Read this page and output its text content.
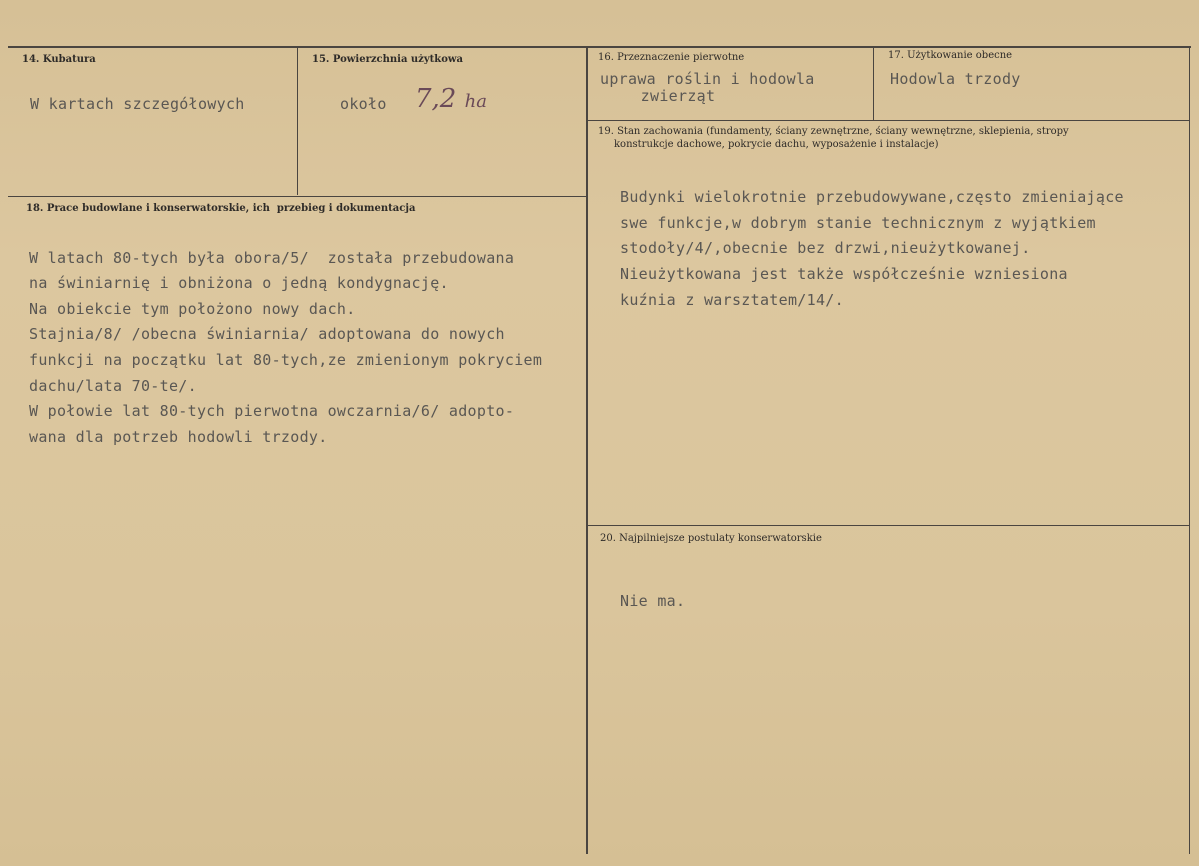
14. Kubatura
W kartach szczegółowych
15. Powierzchnia użytkowa
około 7,2 ha
16. Przeznaczenie pierwotne
uprawa roślin i hodowla
zwierząt
17. Użytkowanie obecne
Hodowla trzody
18. Prace budowlane i konserwatorskie, ich  przebieg i dokumentacja
W latach 80-tych była obora/5/  została przebudowana
na świniarnię i obniżona o jedną kondygnację.
Na obiekcie tym położono nowy dach.
Stajnia/8/ /obecna świniarnia/ adoptowana do nowych
funkcji na początku lat 80-tych,ze zmienionym pokryciem
dachu/lata 70-te/.
W połowie lat 80-tych pierwotna owczarnia/6/ adopto-
wana dla potrzeb hodowli trzody.
19. Stan zachowania (fundamenty, ściany zewnętrzne, ściany wewnętrzne, sklepienia, stropy
konstrukcje dachowe, pokrycie dachu, wyposażenie i instalacje)
Budynki wielokrotnie przebudowywane,często zmieniające
swe funkcje,w dobrym stanie technicznym z wyjątkiem
stodoły/4/,obecnie bez drzwi,nieużytkowanej.
Nieużytkowana jest także współcześnie wzniesiona
kuźnia z warsztatem/14/.
20. Najpilniejsze postulaty konserwatorskie
Nie ma.
